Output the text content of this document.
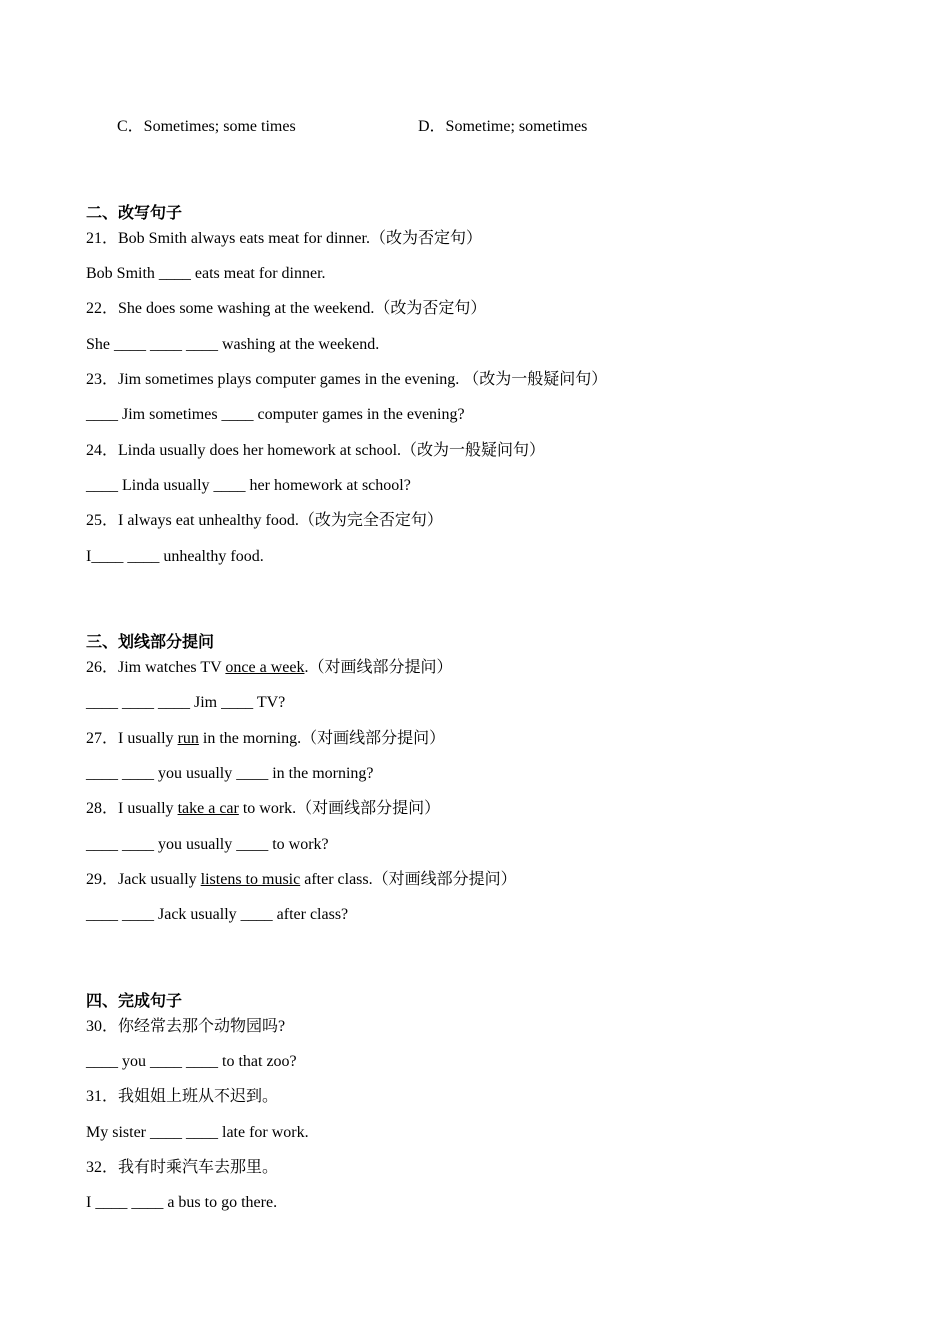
C．Sometimes; some times	D．Sometime; sometimes
二、改写句子
21．Bob Smith always eats meat for dinner.（改为否定句）
Bob Smith ____ eats meat for dinner.
22．She does some washing at the weekend.（改为否定句）
She ____ ____ ____ washing at the weekend.
23．Jim sometimes plays computer games in the evening. （改为一般疑问句）
____ Jim sometimes ____ computer games in the evening?
24．Linda usually does her homework at school.（改为一般疑问句）
____ Linda usually ____ her homework at school?
25．I always eat unhealthy food.（改为完全否定句）
I____ ____ unhealthy food.
三、划线部分提问
26．Jim watches TV once a week.（对画线部分提问）
____ ____ ____ Jim ____ TV?
27．I usually run in the morning.（对画线部分提问）
____ ____ you usually ____ in the morning?
28．I usually take a car to work.（对画线部分提问）
____ ____ you usually ____ to work?
29．Jack usually listens to music after class.（对画线部分提问）
____ ____ Jack usually ____ after class?
四、完成句子
30．你经常去那个动物园吗?
____ you ____ ____ to that zoo?
31．我姐姐上班从不迟到。
My sister ____ ____ late for work.
32．我有时乘汽车去那里。
I ____ ____ a bus to go there.
